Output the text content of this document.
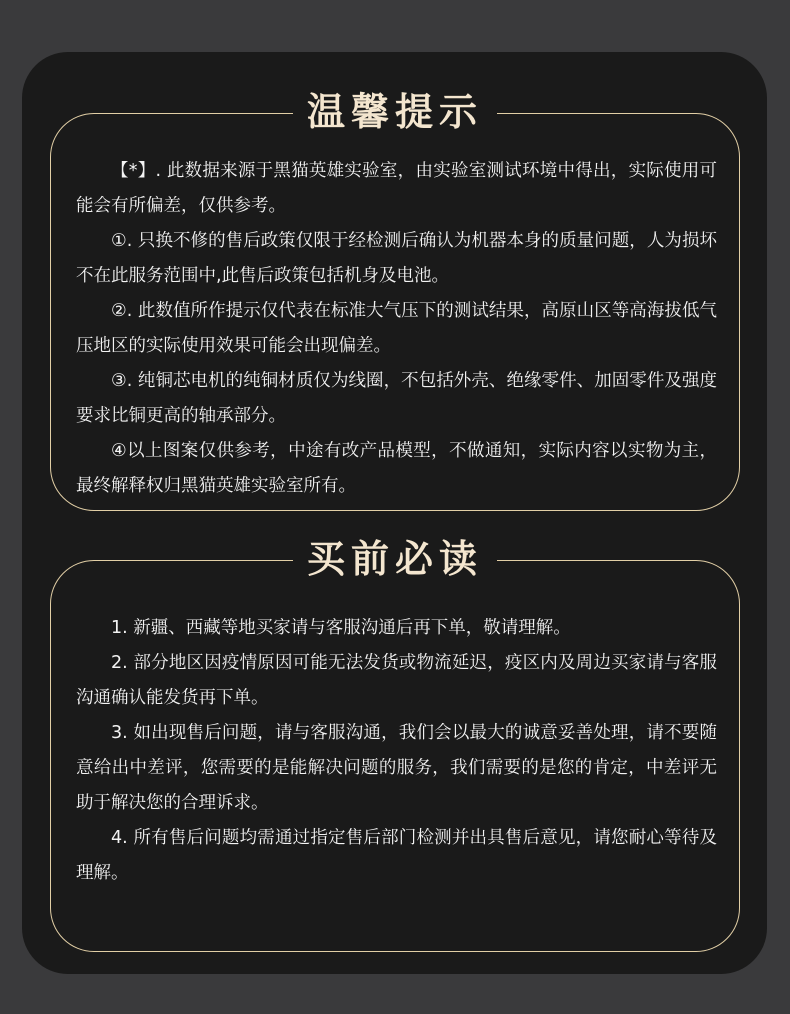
温馨提示

【*】. 此数据来源于黑猫英雄实验室，由实验室测试环境中得出，实际使用可能会有所偏差，仅供参考。

①. 只换不修的售后政策仅限于经检测后确认为机器本身的质量问题，人为损坏不在此服务范围中,此售后政策包括机身及电池。

②. 此数值所作提示仅代表在标准大气压下的测试结果，高原山区等高海拔低气压地区的实际使用效果可能会出现偏差。

③. 纯铜芯电机的纯铜材质仅为线圈，不包括外壳、绝缘零件、加固零件及强度要求比铜更高的轴承部分。

④以上图案仅供参考，中途有改产品模型，不做通知，实际内容以实物为主，最终解释权归黑猫英雄实验室所有。

买前必读

1. 新疆、西藏等地买家请与客服沟通后再下单，敬请理解。

2. 部分地区因疫情原因可能无法发货或物流延迟，疫区内及周边买家请与客服沟通确认能发货再下单。

3. 如出现售后问题，请与客服沟通，我们会以最大的诚意妥善处理，请不要随意给出中差评，您需要的是能解决问题的服务，我们需要的是您的肯定，中差评无助于解决您的合理诉求。

4. 所有售后问题均需通过指定售后部门检测并出具售后意见，请您耐心等待及理解。
